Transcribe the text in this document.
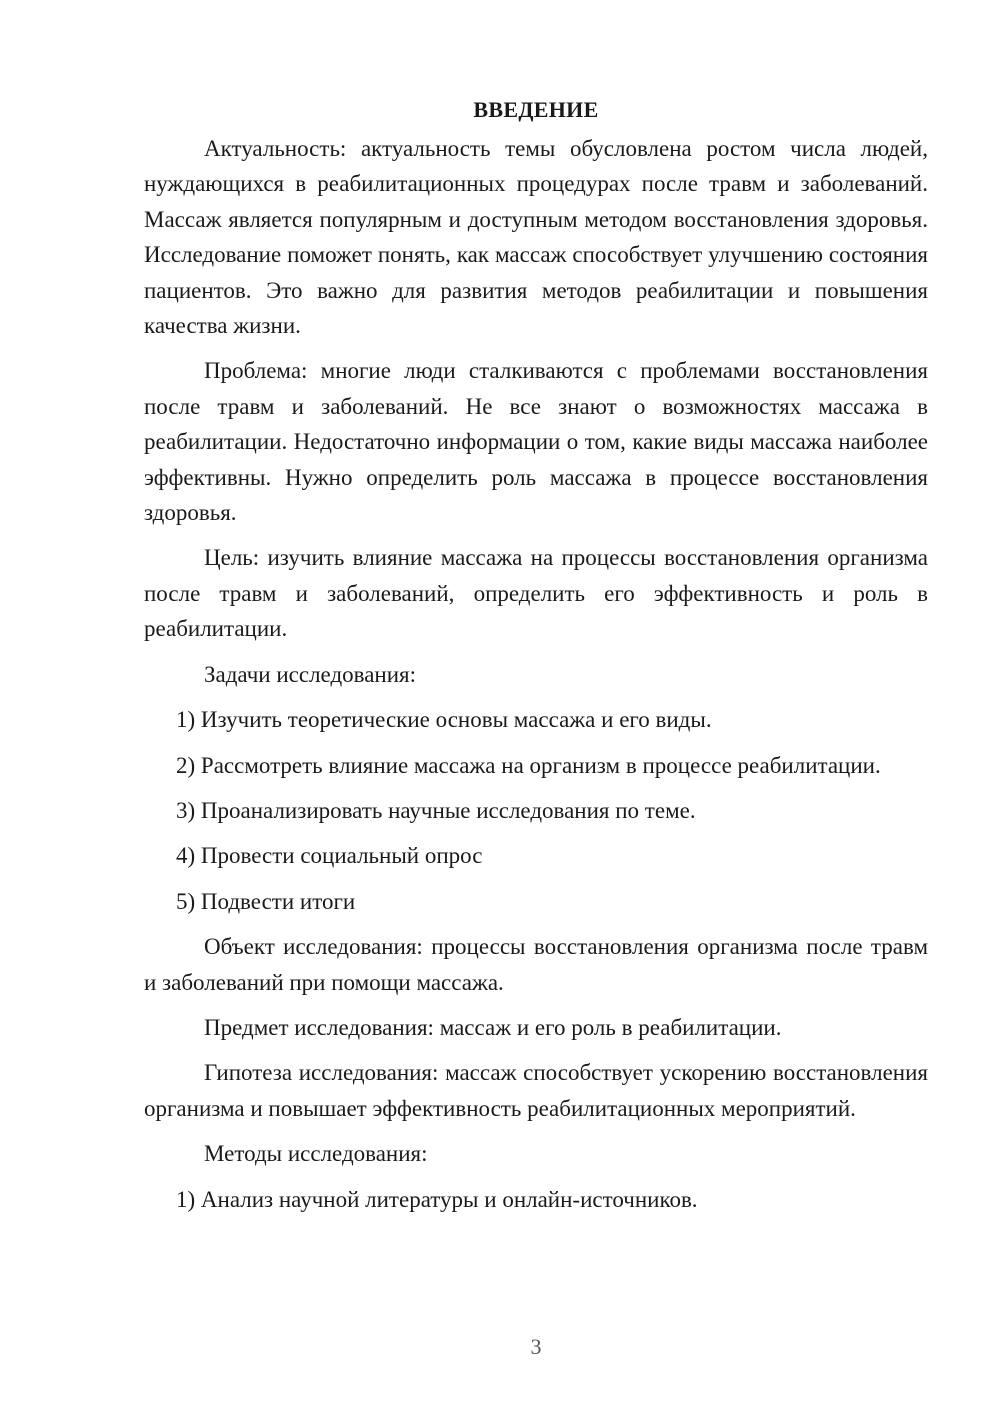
ВВЕДЕНИЕ

Актуальность: актуальность темы обусловлена ростом числа людей, нуждающихся в реабилитационных процедурах после травм и заболеваний. Массаж является популярным и доступным методом восстановления здоровья. Исследование поможет понять, как массаж способствует улучшению состояния пациентов. Это важно для развития методов реабилитации и повышения качества жизни.

Проблема: многие люди сталкиваются с проблемами восстановления после травм и заболеваний. Не все знают о возможностях массажа в реабилитации. Недостаточно информации о том, какие виды массажа наиболее эффективны. Нужно определить роль массажа в процессе восстановления здоровья.

Цель: изучить влияние массажа на процессы восстановления организма после травм и заболеваний, определить его эффективность и роль в реабилитации.

Задачи исследования:

1) Изучить теоретические основы массажа и его виды.

2) Рассмотреть влияние массажа на организм в процессе реабилитации.

3) Проанализировать научные исследования по теме.

4) Провести социальный опрос

5) Подвести итоги

Объект исследования: процессы восстановления организма после травм и заболеваний при помощи массажа.

Предмет исследования: массаж и его роль в реабилитации.

Гипотеза исследования: массаж способствует ускорению восстановления организма и повышает эффективность реабилитационных мероприятий.

Методы исследования:

1) Анализ научной литературы и онлайн-источников.

3
